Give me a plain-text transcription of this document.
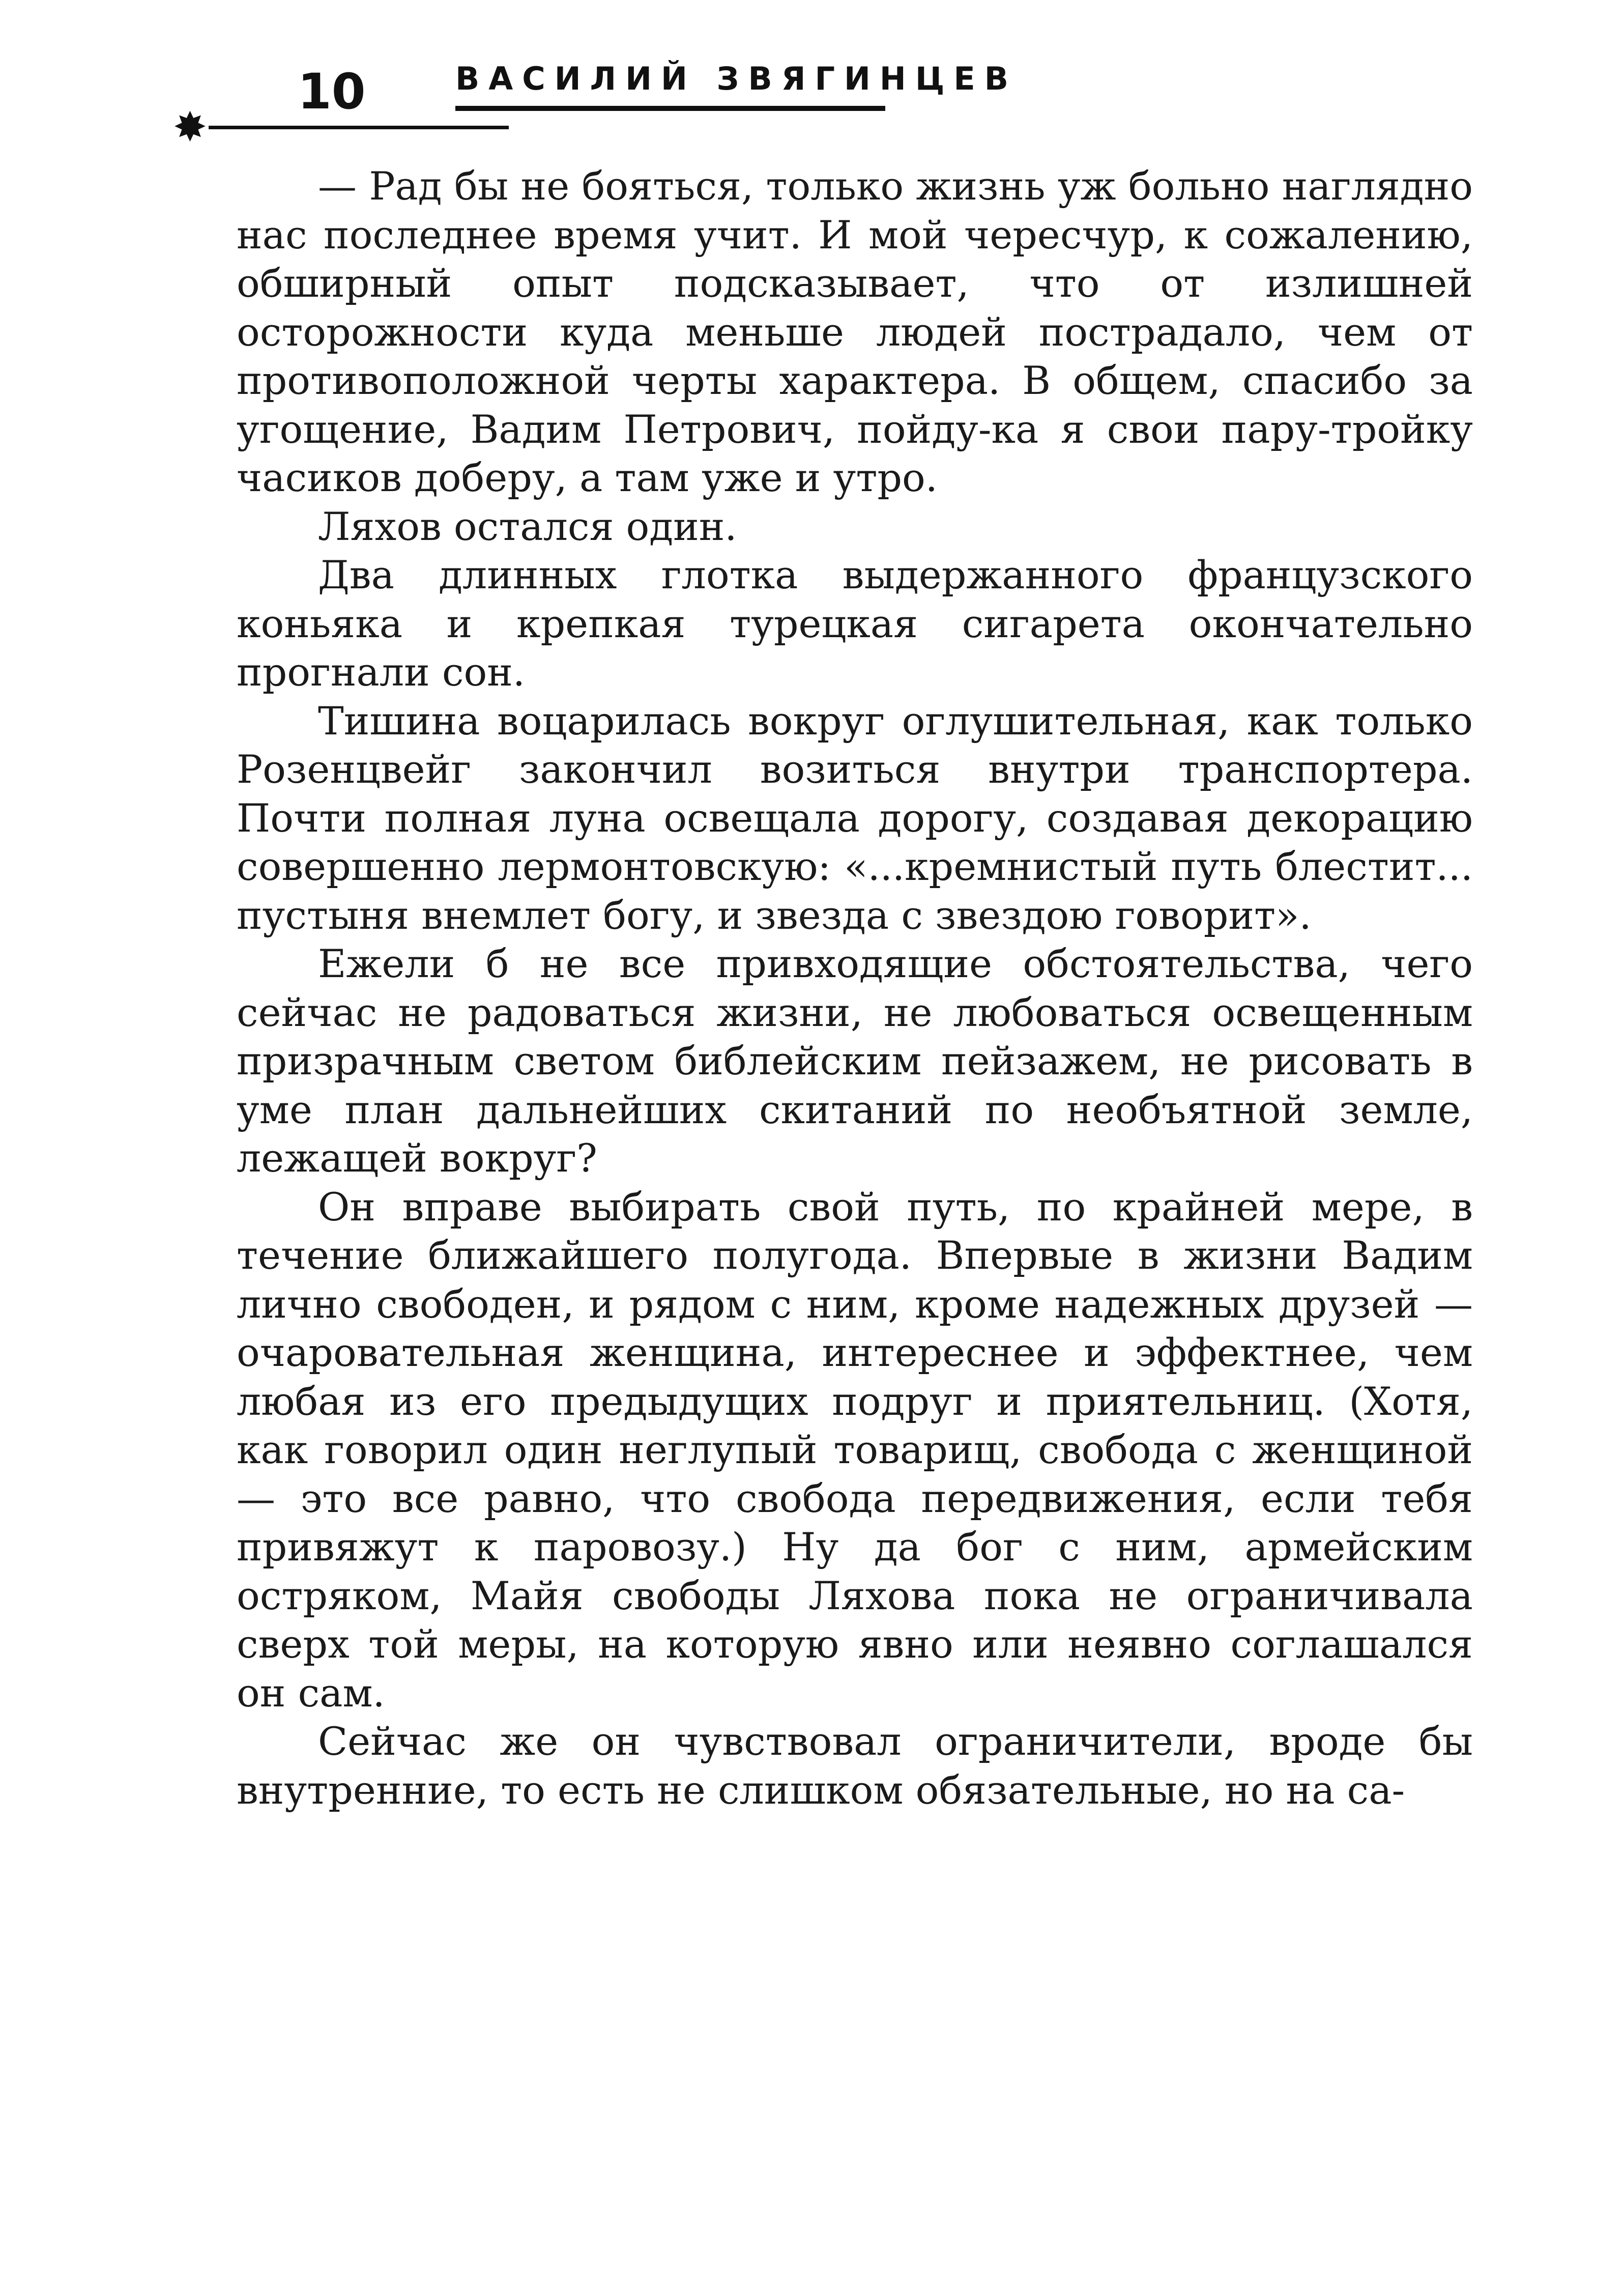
10	ВАСИЛИЙ ЗВЯГИНЦЕВ
✸

— Рад бы не бояться, только жизнь уж больно наглядно нас последнее время учит. И мой чересчур, к сожалению, обширный опыт подсказывает, что от излишней осторожности куда меньше людей пострадало, чем от противоположной черты характера. В общем, спасибо за угощение, Вадим Петрович, пойду-ка я свои пару-тройку часиков доберу, а там уже и утро.

Ляхов остался один.

Два длинных глотка выдержанного французского коньяка и крепкая турецкая сигарета окончательно прогнали сон.

Тишина воцарилась вокруг оглушительная, как только Розенцвейг закончил возиться внутри транспортера. Почти полная луна освещала дорогу, создавая декорацию совершенно лермонтовскую: «...кремнистый путь блестит... пустыня внемлет богу, и звезда с звездою говорит».

Ежели б не все привходящие обстоятельства, чего сейчас не радоваться жизни, не любоваться освещенным призрачным светом библейским пейзажем, не рисовать в уме план дальнейших скитаний по необъятной земле, лежащей вокруг?

Он вправе выбирать свой путь, по крайней мере, в течение ближайшего полугода. Впервые в жизни Вадим лично свободен, и рядом с ним, кроме надежных друзей — очаровательная женщина, интереснее и эффектнее, чем любая из его предыдущих подруг и приятельниц. (Хотя, как говорил один неглупый товарищ, свобода с женщиной — это все равно, что свобода передвижения, если тебя привяжут к паровозу.) Ну да бог с ним, армейским остряком, Майя свободы Ляхова пока не ограничивала сверх той меры, на которую явно или неявно соглашался он сам.

Сейчас же он чувствовал ограничители, вроде бы внутренние, то есть не слишком обязательные, но на са-
